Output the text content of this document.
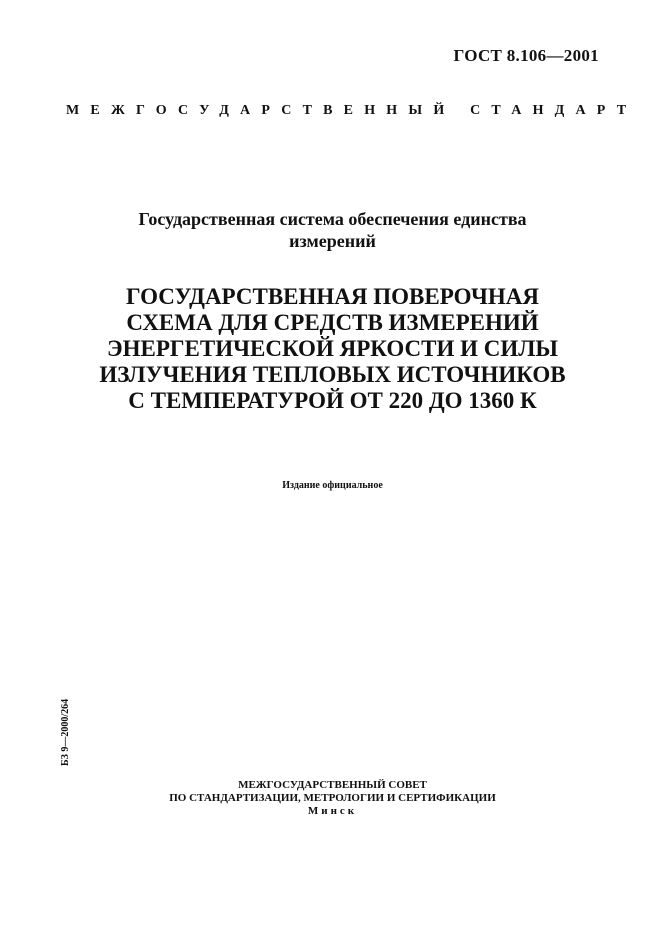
ГОСТ 8.106—2001
МЕЖГОСУДАРСТВЕННЫЙ СТАНДАРТ
Государственная система обеспечения единства
измерений
ГОСУДАРСТВЕННАЯ ПОВЕРОЧНАЯ
СХЕМА ДЛЯ СРЕДСТВ ИЗМЕРЕНИЙ
ЭНЕРГЕТИЧЕСКОЙ ЯРКОСТИ И СИЛЫ
ИЗЛУЧЕНИЯ ТЕПЛОВЫХ ИСТОЧНИКОВ
С ТЕМПЕРАТУРОЙ ОТ 220 ДО 1360 К
Издание официальное
БЗ 9—2000/264
МЕЖГОСУДАРСТВЕННЫЙ СОВЕТ
ПО СТАНДАРТИЗАЦИИ, МЕТРОЛОГИИ И СЕРТИФИКАЦИИ
Минск
